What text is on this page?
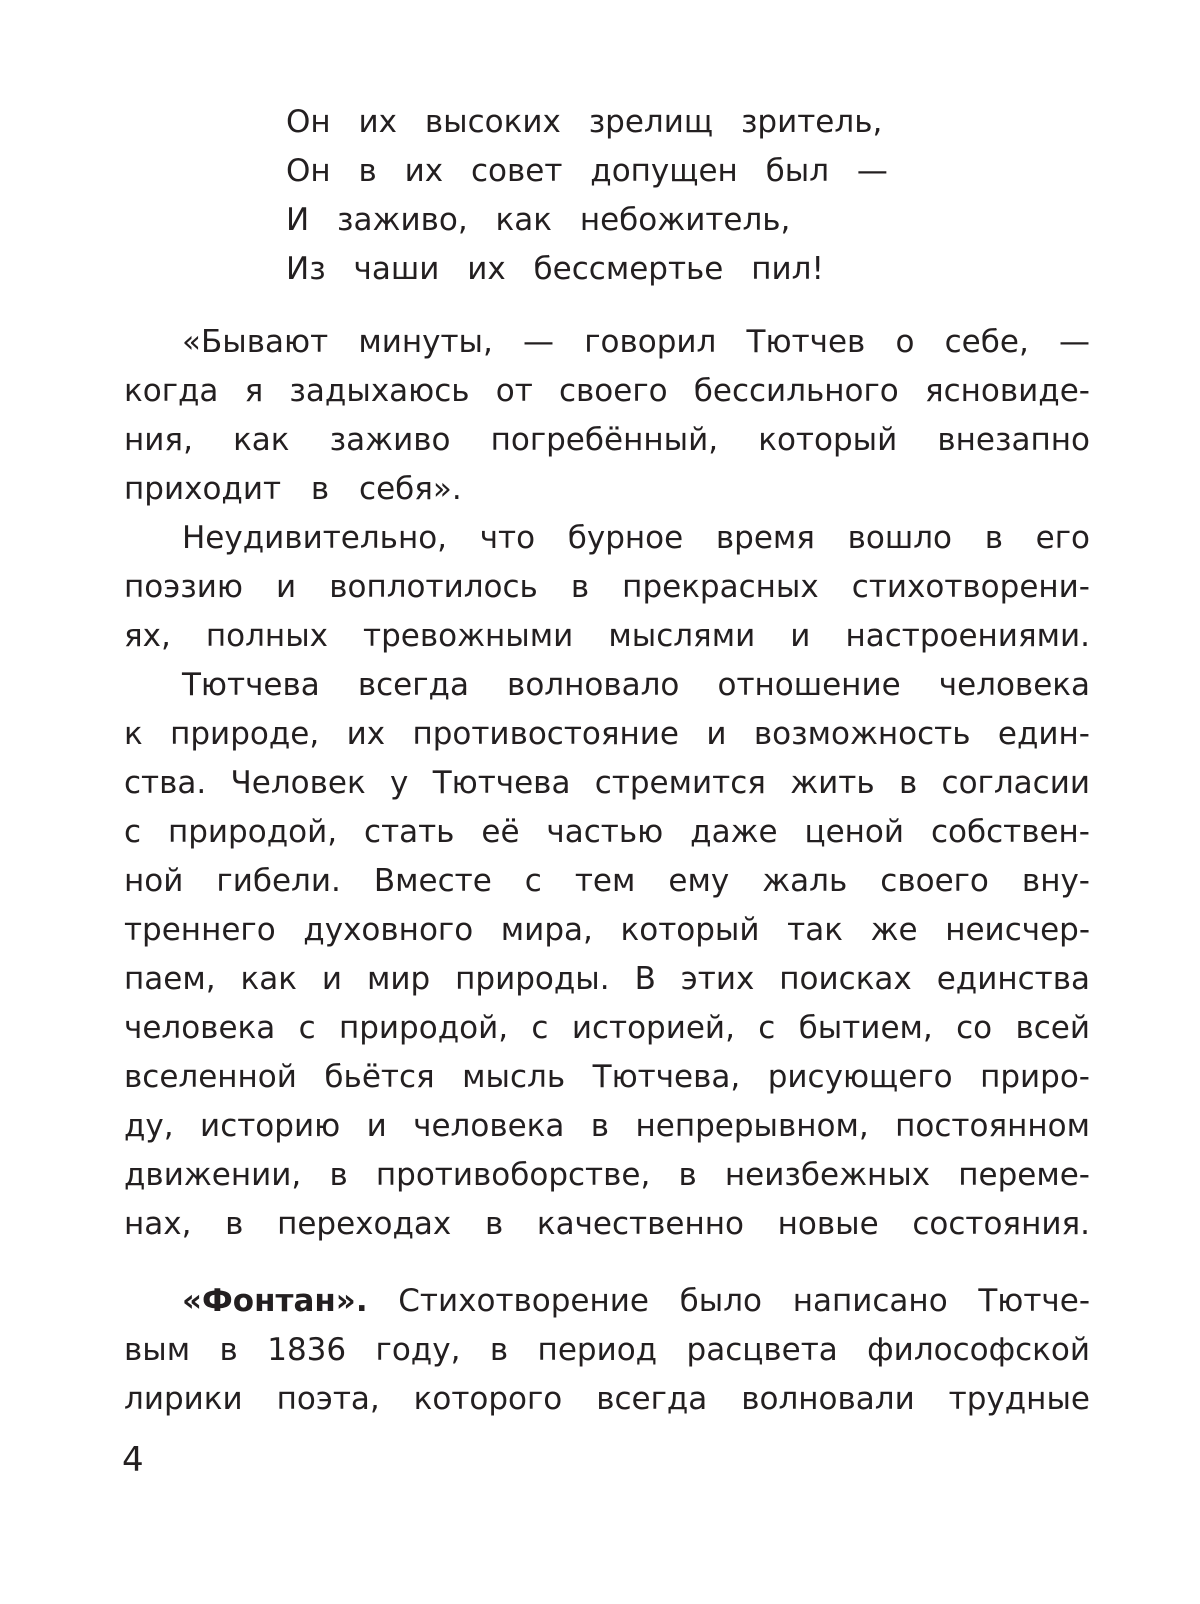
Он их высоких зрелищ зритель,
Он в их совет допущен был —
И заживо, как небожитель,
Из чаши их бессмертье пил!
«Бывают минуты, — говорил Тютчев о себе, —
когда я задыхаюсь от своего бессильного ясновиде-
ния, как заживо погребённый, который внезапно
приходит в себя».
Неудивительно, что бурное время вошло в его
поэзию и воплотилось в прекрасных стихотворени-
ях, полных тревожными мыслями и настроениями.
Тютчева всегда волновало отношение человека
к природе, их противостояние и возможность един-
ства. Человек у Тютчева стремится жить в согласии
с природой, стать её частью даже ценой собствен-
ной гибели. Вместе с тем ему жаль своего вну-
треннего духовного мира, который так же неисчер-
паем, как и мир природы. В этих поисках единства
человека с природой, с историей, с бытием, со всей
вселенной бьётся мысль Тютчева, рисующего приро-
ду, историю и человека в непрерывном, постоянном
движении, в противоборстве, в неизбежных переме-
нах, в переходах в качественно новые состояния.
«Фонтан». Стихотворение было написано Тютче-
вым в 1836 году, в период расцвета философской
лирики поэта, которого всегда волновали трудные
4
